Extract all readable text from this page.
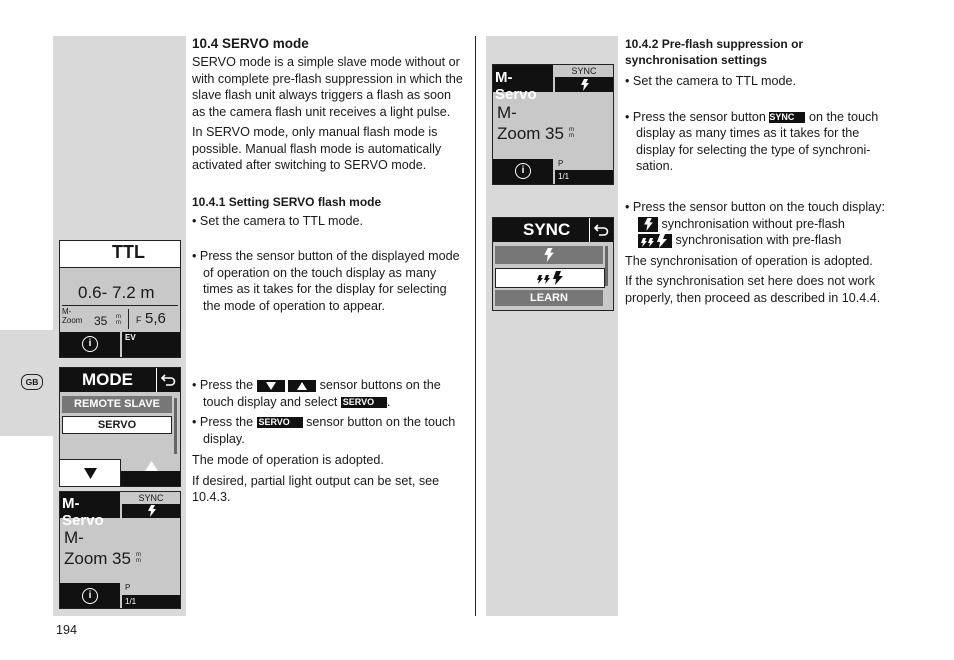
194
GB
TTL
0.6- 7.2 m
M-
Zoom 35 m
m F 5,6
i
EV
MODE
REMOTE SLAVE
SERVO
M-Servo
SYNC
M-
Zoom 35 m
m
i
P
1/1
10.4 SERVO mode
SERVO mode is a simple slave mode without or with complete pre-flash suppression in which the slave flash unit always triggers a flash as soon as the camera flash unit receives a light pulse.
In SERVO mode, only manual flash mode is possible. Manual flash mode is automatically activated after switching to SERVO mode.
10.4.1 Setting SERVO flash mode
• Set the camera to TTL mode.
• Press the sensor button of the displayed mode of operation on the touch display as many times as it takes for the display for selecting the mode of operation to appear.
• Press the
	sensor buttons on the touch display and select SERVO .
• Press the SERVO sensor button on the touch display.
The mode of operation is adopted.
If desired, partial light output can be set, see 10.4.3.
M-Servo
SYNC
M-
Zoom 35 m
m
i
P
1/1
SYNC
LEARN
10.4.2 Pre-flash suppression or synchronisation settings
• Set the camera to TTL mode.
• Press the sensor button SYNC on the touch display as many times as it takes for the display for selecting the type of synchroni-sation.
• Press the sensor button on the touch display:
synchronisation without pre-flash
synchronisation with pre-flash
The synchronisation of operation is adopted.
If the synchronisation set here does not work properly, then proceed as described in 10.4.4.
